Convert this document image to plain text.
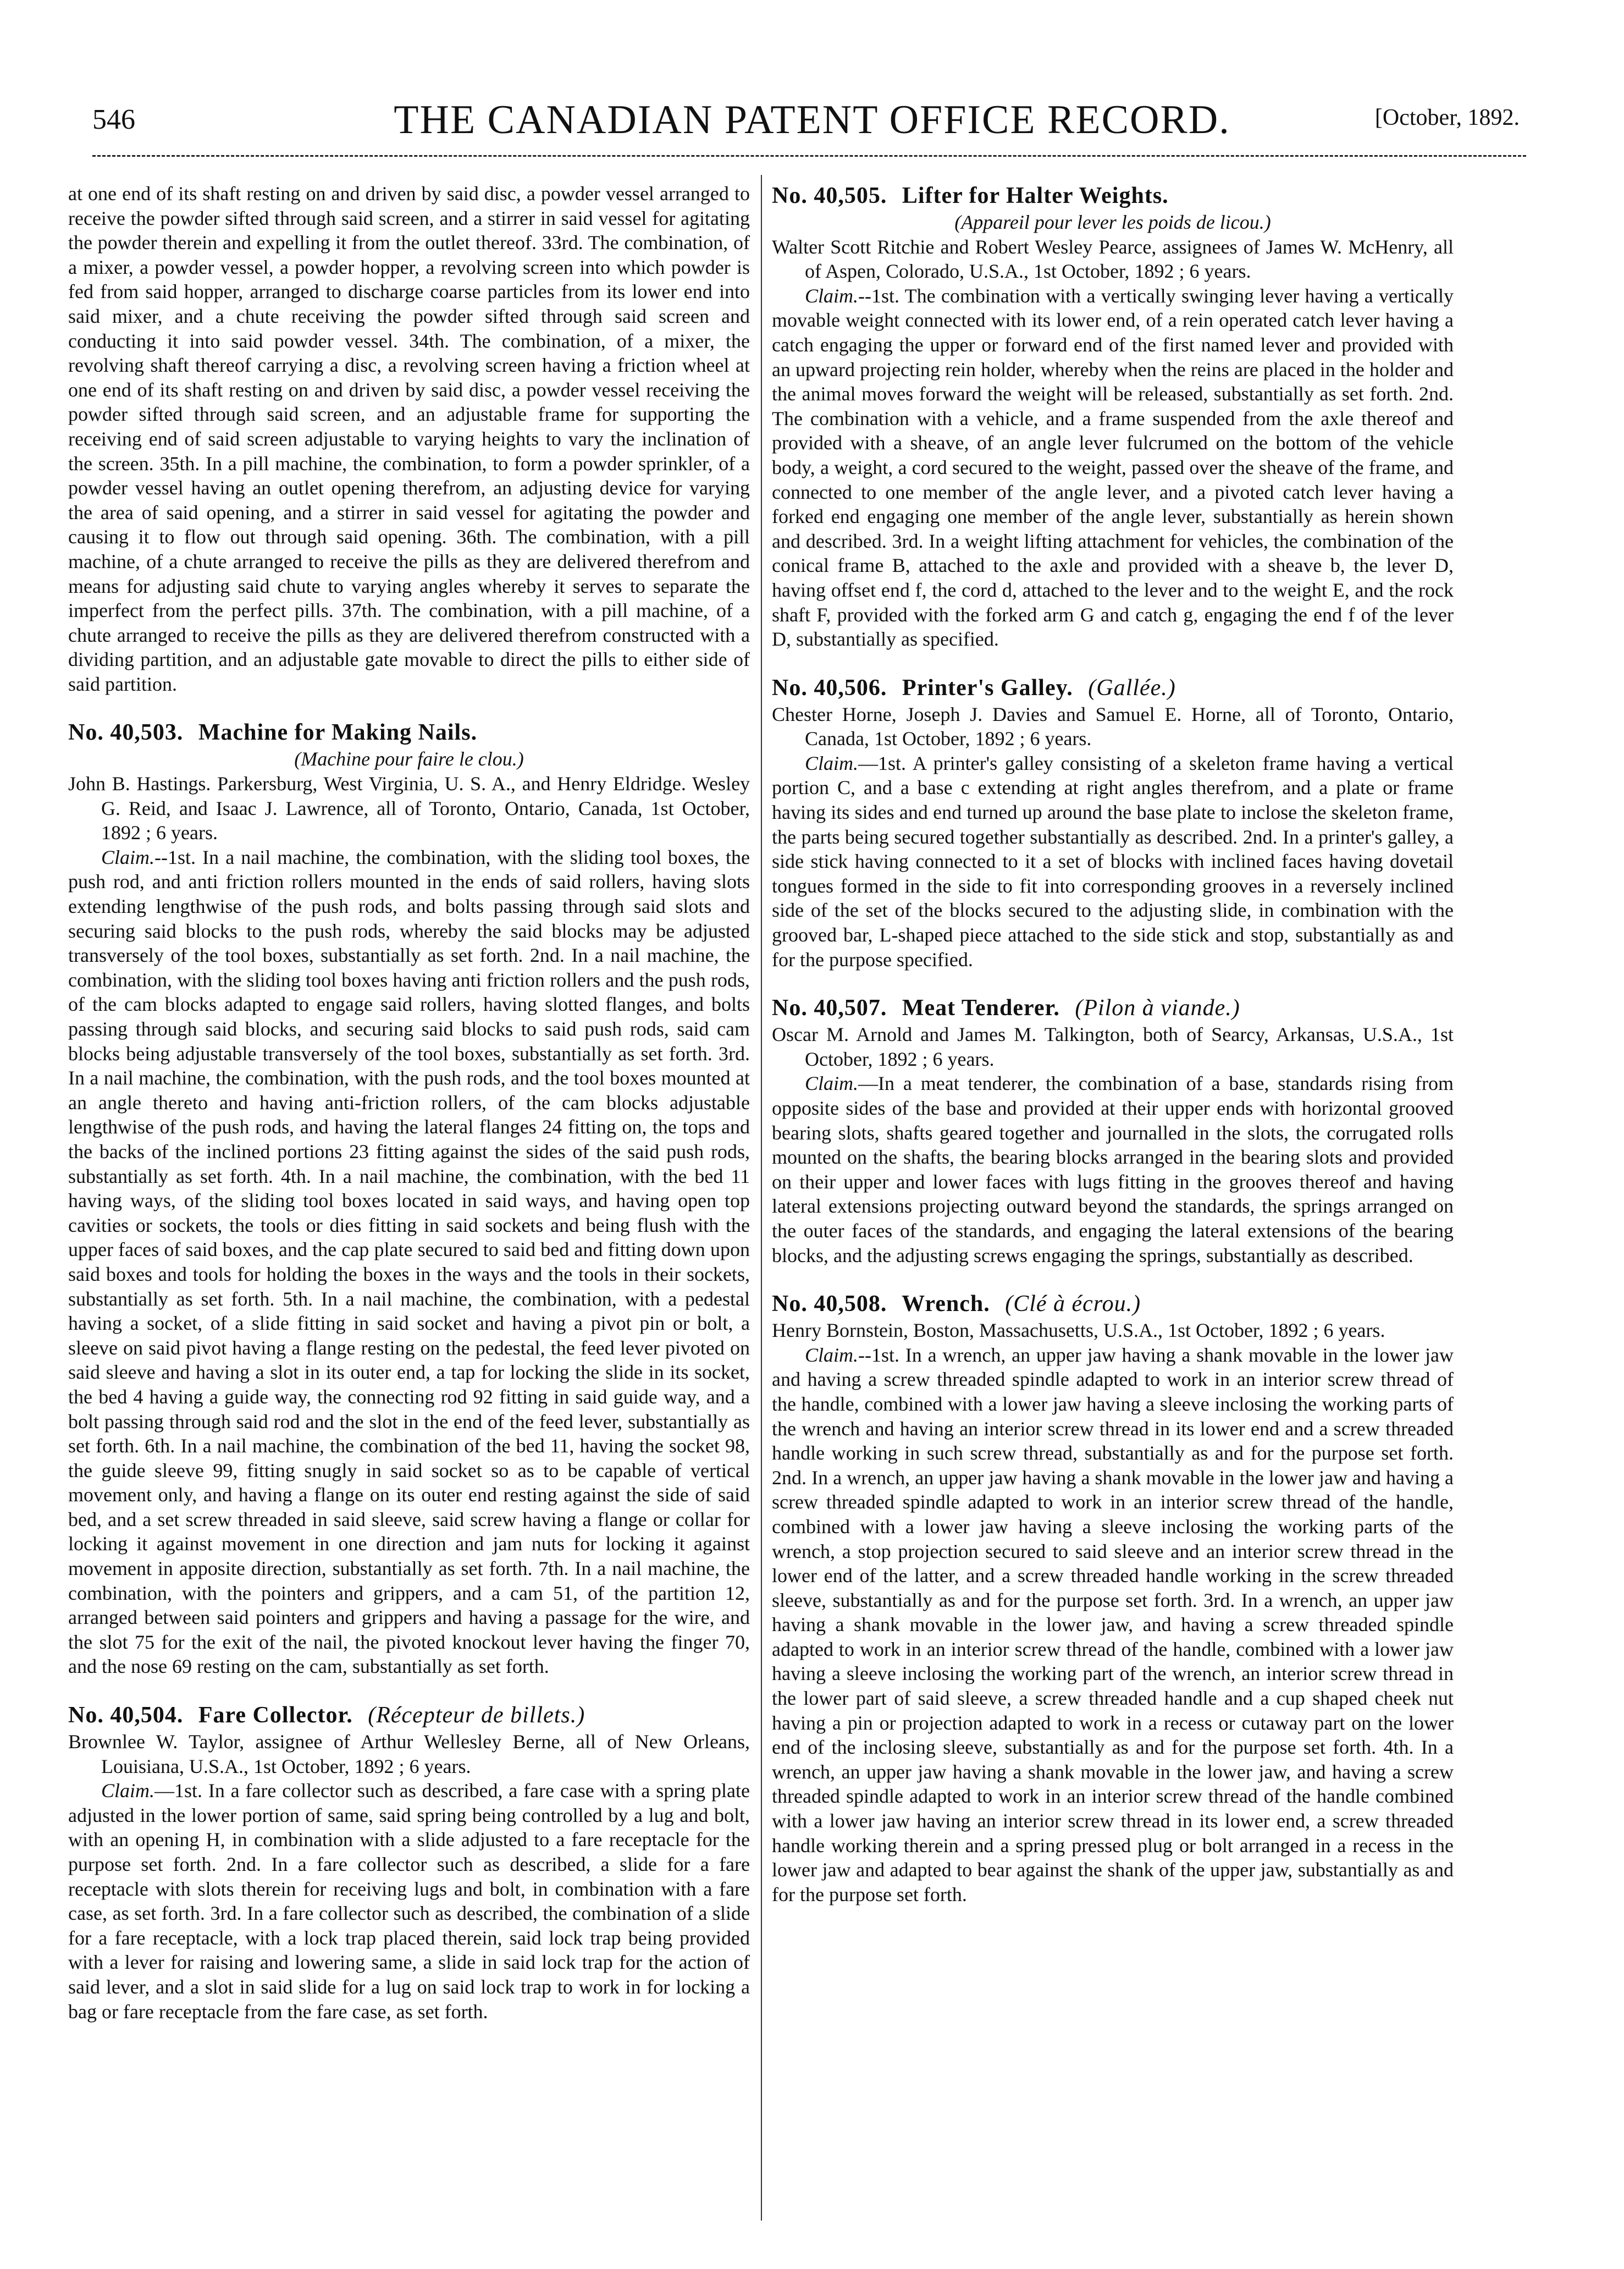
546	THE CANADIAN PATENT OFFICE RECORD.	[October, 1892.

at one end of its shaft resting on and driven by said disc, a powder vessel arranged to receive the powder sifted through said screen, and a stirrer in said vessel for agitating the powder therein and expelling it from the outlet thereof. 33rd. The combination, of a mixer, a powder vessel, a powder hopper, a revolving screen into which powder is fed from said hopper, arranged to discharge coarse particles from its lower end into said mixer, and a chute receiving the powder sifted through said screen and conducting it into said powder vessel. 34th. The combination, of a mixer, the revolving shaft thereof carrying a disc, a revolving screen having a friction wheel at one end of its shaft resting on and driven by said disc, a powder vessel receiving the powder sifted through said screen, and an adjustable frame for supporting the receiving end of said screen adjustable to varying heights to vary the inclination of the screen. 35th. In a pill machine, the combination, to form a powder sprinkler, of a powder vessel having an outlet opening therefrom, an adjusting device for varying the area of said opening, and a stirrer in said vessel for agitating the powder and causing it to flow out through said opening. 36th. The combination, with a pill machine, of a chute arranged to receive the pills as they are delivered therefrom and means for adjusting said chute to varying angles whereby it serves to separate the imperfect from the perfect pills. 37th. The combination, with a pill machine, of a chute arranged to receive the pills as they are delivered therefrom constructed with a dividing partition, and an adjustable gate movable to direct the pills to either side of said partition.

No. 40,503. Machine for Making Nails.

(Machine pour faire le clou.)

John B. Hastings. Parkersburg, West Virginia, U. S. A., and Henry Eldridge. Wesley G. Reid, and Isaac J. Lawrence, all of Toronto, Ontario, Canada, 1st October, 1892 ; 6 years.

Claim.--1st. In a nail machine, the combination, with the sliding tool boxes, the push rod, and anti friction rollers mounted in the ends of said rollers, having slots extending lengthwise of the push rods, and bolts passing through said slots and securing said blocks to the push rods, whereby the said blocks may be adjusted transversely of the tool boxes, substantially as set forth. 2nd. In a nail machine, the combination, with the sliding tool boxes having anti friction rollers and the push rods, of the cam blocks adapted to engage said rollers, having slotted flanges, and bolts passing through said blocks, and securing said blocks to said push rods, said cam blocks being adjustable transversely of the tool boxes, substantially as set forth. 3rd. In a nail machine, the combination, with the push rods, and the tool boxes mounted at an angle thereto and having anti-friction rollers, of the cam blocks adjustable lengthwise of the push rods, and having the lateral flanges 24 fitting on, the tops and the backs of the inclined portions 23 fitting against the sides of the said push rods, substantially as set forth. 4th. In a nail machine, the combination, with the bed 11 having ways, of the sliding tool boxes located in said ways, and having open top cavities or sockets, the tools or dies fitting in said sockets and being flush with the upper faces of said boxes, and the cap plate secured to said bed and fitting down upon said boxes and tools for holding the boxes in the ways and the tools in their sockets, substantially as set forth. 5th. In a nail machine, the combination, with a pedestal having a socket, of a slide fitting in said socket and having a pivot pin or bolt, a sleeve on said pivot having a flange resting on the pedestal, the feed lever pivoted on said sleeve and having a slot in its outer end, a tap for locking the slide in its socket, the bed 4 having a guide way, the connecting rod 92 fitting in said guide way, and a bolt passing through said rod and the slot in the end of the feed lever, substantially as set forth. 6th. In a nail machine, the combination of the bed 11, having the socket 98, the guide sleeve 99, fitting snugly in said socket so as to be capable of vertical movement only, and having a flange on its outer end resting against the side of said bed, and a set screw threaded in said sleeve, said screw having a flange or collar for locking it against movement in one direction and jam nuts for locking it against movement in apposite direction, substantially as set forth. 7th. In a nail machine, the combination, with the pointers and grippers, and a cam 51, of the partition 12, arranged between said pointers and grippers and having a passage for the wire, and the slot 75 for the exit of the nail, the pivoted knockout lever having the finger 70, and the nose 69 resting on the cam, substantially as set forth.

No. 40,504. Fare Collector. (Récepteur de billets.)

Brownlee W. Taylor, assignee of Arthur Wellesley Berne, all of New Orleans, Louisiana, U.S.A., 1st October, 1892 ; 6 years.

Claim.—1st. In a fare collector such as described, a fare case with a spring plate adjusted in the lower portion of same, said spring being controlled by a lug and bolt, with an opening H, in combination with a slide adjusted to a fare receptacle for the purpose set forth. 2nd. In a fare collector such as described, a slide for a fare receptacle with slots therein for receiving lugs and bolt, in combination with a fare case, as set forth. 3rd. In a fare collector such as described, the combination of a slide for a fare receptacle, with a lock trap placed therein, said lock trap being provided with a lever for raising and lowering same, a slide in said lock trap for the action of said lever, and a slot in said slide for a lug on said lock trap to work in for locking a bag or fare receptacle from the fare case, as set forth.

No. 40,505. Lifter for Halter Weights.

(Appareil pour lever les poids de licou.)

Walter Scott Ritchie and Robert Wesley Pearce, assignees of James W. McHenry, all of Aspen, Colorado, U.S.A., 1st October, 1892 ; 6 years.

Claim.--1st. The combination with a vertically swinging lever having a vertically movable weight connected with its lower end, of a rein operated catch lever having a catch engaging the upper or forward end of the first named lever and provided with an upward projecting rein holder, whereby when the reins are placed in the holder and the animal moves forward the weight will be released, substantially as set forth. 2nd. The combination with a vehicle, and a frame suspended from the axle thereof and provided with a sheave, of an angle lever fulcrumed on the bottom of the vehicle body, a weight, a cord secured to the weight, passed over the sheave of the frame, and connected to one member of the angle lever, and a pivoted catch lever having a forked end engaging one member of the angle lever, substantially as herein shown and described. 3rd. In a weight lifting attachment for vehicles, the combination of the conical frame B, attached to the axle and provided with a sheave b, the lever D, having offset end f, the cord d, attached to the lever and to the weight E, and the rock shaft F, provided with the forked arm G and catch g, engaging the end f of the lever D, substantially as specified.

No. 40,506. Printer's Galley. (Gallée.)

Chester Horne, Joseph J. Davies and Samuel E. Horne, all of Toronto, Ontario, Canada, 1st October, 1892 ; 6 years.

Claim.—1st. A printer's galley consisting of a skeleton frame having a vertical portion C, and a base c extending at right angles therefrom, and a plate or frame having its sides and end turned up around the base plate to inclose the skeleton frame, the parts being secured together substantially as described. 2nd. In a printer's galley, a side stick having connected to it a set of blocks with inclined faces having dovetail tongues formed in the side to fit into corresponding grooves in a reversely inclined side of the set of the blocks secured to the adjusting slide, in combination with the grooved bar, L-shaped piece attached to the side stick and stop, substantially as and for the purpose specified.

No. 40,507. Meat Tenderer. (Pilon à viande.)

Oscar M. Arnold and James M. Talkington, both of Searcy, Arkansas, U.S.A., 1st October, 1892 ; 6 years.

Claim.—In a meat tenderer, the combination of a base, standards rising from opposite sides of the base and provided at their upper ends with horizontal grooved bearing slots, shafts geared together and journalled in the slots, the corrugated rolls mounted on the shafts, the bearing blocks arranged in the bearing slots and provided on their upper and lower faces with lugs fitting in the grooves thereof and having lateral extensions projecting outward beyond the standards, the springs arranged on the outer faces of the standards, and engaging the lateral extensions of the bearing blocks, and the adjusting screws engaging the springs, substantially as described.

No. 40,508. Wrench. (Clé à écrou.)

Henry Bornstein, Boston, Massachusetts, U.S.A., 1st October, 1892 ; 6 years.

Claim.--1st. In a wrench, an upper jaw having a shank movable in the lower jaw and having a screw threaded spindle adapted to work in an interior screw thread of the handle, combined with a lower jaw having a sleeve inclosing the working parts of the wrench and having an interior screw thread in its lower end and a screw threaded handle working in such screw thread, substantially as and for the purpose set forth. 2nd. In a wrench, an upper jaw having a shank movable in the lower jaw and having a screw threaded spindle adapted to work in an interior screw thread of the handle, combined with a lower jaw having a sleeve inclosing the working parts of the wrench, a stop projection secured to said sleeve and an interior screw thread in the lower end of the latter, and a screw threaded handle working in the screw threaded sleeve, substantially as and for the purpose set forth. 3rd. In a wrench, an upper jaw having a shank movable in the lower jaw, and having a screw threaded spindle adapted to work in an interior screw thread of the handle, combined with a lower jaw having a sleeve inclosing the working part of the wrench, an interior screw thread in the lower part of said sleeve, a screw threaded handle and a cup shaped cheek nut having a pin or projection adapted to work in a recess or cutaway part on the lower end of the inclosing sleeve, substantially as and for the purpose set forth. 4th. In a wrench, an upper jaw having a shank movable in the lower jaw, and having a screw threaded spindle adapted to work in an interior screw thread of the handle combined with a lower jaw having an interior screw thread in its lower end, a screw threaded handle working therein and a spring pressed plug or bolt arranged in a recess in the lower jaw and adapted to bear against the shank of the upper jaw, substantially as and for the purpose set forth.
